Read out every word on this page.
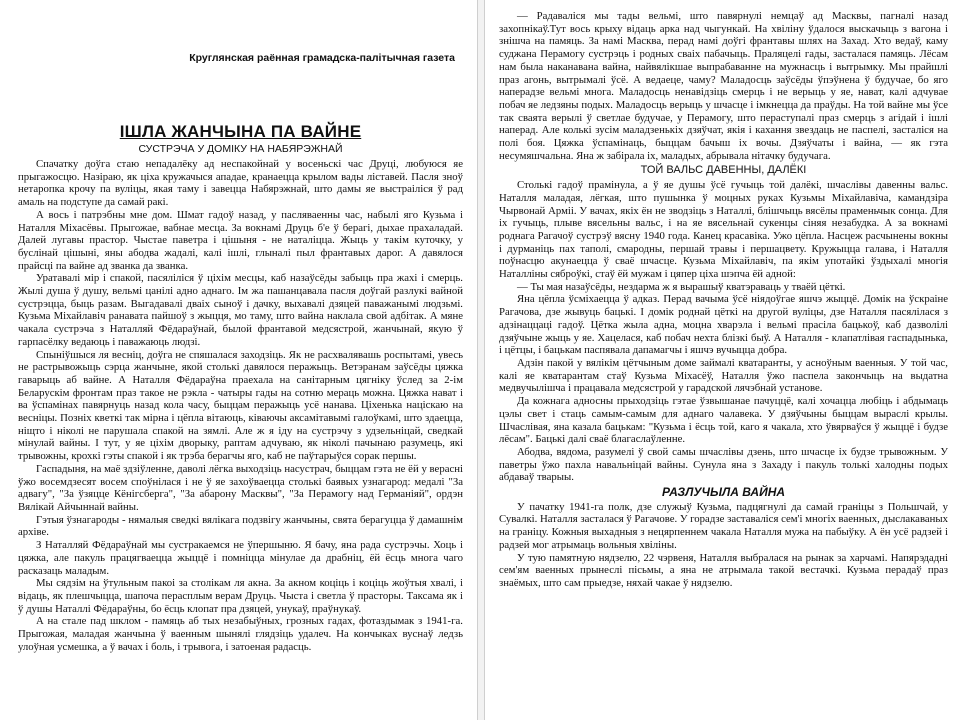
Круглянская раённая грамадска-палітычная газета
ІШЛА ЖАНЧЫНА ПА ВАЙНЕ
СУСТРЭЧА У ДОМІКУ НА НАБЯРЭЖНАЙ

Спачатку доўга стаю непадалёку ад неспакойнай у восеньскі час Друці, любуюся яе прыгажосцю. Назіраю, як ціха кружачыся ападае, кранаецца крылом вады ліставей. Пасля зноў нетаропка крочу па вуліцы, якая таму і завецца Набярэжнай, што дамы яе выстраіліся ў рад амаль на подступе да самай ракі.

А вось і патрэбны мне дом. Шмат гадоў назад, у пасляваенны час, набылі яго Кузьма і Наталля Міхасёвы. Прыгожае, вабнае месца. За вокнамі Друць б'е ў берагі, дыхае прахаладай. Далей лугавы прастор. Чыстае паветра і цішыня - не наталіцца. Жыць у такім куточку, у буслінай цішыні, яны абодва жадалі, калі ішлі, глыналі пыл франтавых дарог. А давялося прайсці па вайне ад званка да званка.

Уратавалі мір і спакой, пасяліліся ў ціхім месцы, каб назаўсёды забыць пра жахі і смерць. Жылі душа ў душу, вельмі цанілі адно аднаго. Ім жа пашанцавала пасля доўгай разлукі вайной сустрэцца, быць разам. Выгадавалі дваіх сыноў і дачку, выхавалі дзяцей паважанымі людзьмі. Кузьма Міхайлавіч ранавата пайшоў з жыцця, мо таму, што вайна наклала свой адбітак. А мяне чакала сустрэча з Наталляй Фёдараўнай, былой франтавой медсястрой, жанчынай, якую ў гарпасёлку ведаюць і паважаюць людзі.

Спыніўшыся ля весніц, доўга не спяшалася заходзіць. Як не расхвалявашь роспытамі, увесь не растрывожыць сэрца жанчыне, якой столькі давялося перажыць. Ветэранам заўсёды цяжка гаварыць аб вайне. А Наталля Фёдараўна праехала на санітарным цягніку ўслед за 2-ім Беларускім фронтам праз такое не рэкла - чатыры гады на сотню мераць можна. Цяжка нават і ва ўспамінах павярнуць назад кола часу, быццам перажыць усё нанава. Ціхенька націскаю на весніцы. Позніх кветкі так мірна і цёпла вітаюць, ківаючы аксамітавымі галоўкамі, што здаецца, ніщто і ніколі не парушала спакой на зямлі. Але ж я іду на сустрэчу з удзельніцай, сведкай мінулай вайны. І тут, у яе ціхім дворыку, раптам адчуваю, як ніколі пачынаю разумець, які трывожны, крохкі гэты спакой і як трэба берагчы яго, каб не паўтарыўся сорак першы.

Гаспадыня, на маё здзіўленне, даволі лёгка выходзіць насустрач, быццам гэта не ёй у верасні ўжо восемдзесят восем споўнілася і не ў яе захоўваецца столькі баявых узнагарод: медалі "За адвагу", "За ўзяцце Кёнігсберга", "За абарону Масквы", "За Перамогу над Германіяй", ордэн Вялікай Айчыннай вайны.

Гэтыя ўзнагароды - нямалыя сведкі вялікага подзвігу жанчыны, свята берагуцца ў дамашнім архіве.

З Наталляй Фёдараўнай мы сустракаемся не ўпершыню. Я бачу, яна рада сустрэчы. Хоць і цяжка, але пакуль працягваецца жыццё і помніцца мінулае да драбніц, ёй ёсць многа чаго расказаць маладым.

Мы сядзім на ўтульным пакоі за столікам ля акна. За акном коціць і коціць жоўтыя хвалі, і відаць, як плешчыцца, шапоча перасплым верам Друць. Чыста і светла ў прасторы. Таксама як і ў душы Наталлі Фёдараўны, бо ёсць клопат пра дзяцей, унукаў, праўнукаў.

А на стале пад шклом - памяць аб тых незабыўных, грозных гадах, фотаздымак з 1941-га. Прыгожая, маладая жанчына ў ваенным шынялі глядзіць удалеч. На кончыках вуснаў ледзь улоўная усмешка, а ў вачах і боль, і трывога, і затоеная радасць.

— Радаваліся мы тады вельмі, што павярнулі немцаў ад Масквы, пагналі назад захопнікаў.Тут вось крыху відаць арка над чыгункай. На хвіліну ўдалося выскачыць з вагона і знішча на памяць. За намі Масква, перад намі доўгі франтавы шлях на Захад. Хто ведаў, каму суджана Перамогу сустрэць і родных сваіх пабачыць. Праляцелі гады, засталася памяць. Лёсам нам была наканавана вайна, найвялікшае выпрабаванне на мужнасць і вытрымку. Мы прайшлі праз агонь, вытрымалі ўсё. А ведаеце, чаму? Маладосць заўсёды ўпэўнена ў будучае, бо яго наперадзе вельмі многа. Маладосць ненавідзіць смерць і не верыць у яе, нават, калі адчувае побач яе ледзяны подых. Маладосць верыць у шчасце і імкнецца да праўды. На той вайне мы ўсе так сваята верылі ў светлае будучае, у Перамогу, што пераступалі праз смерць з агідай і ішлі наперад. Але колькі зусім маладзенькіх дзяўчат, якія і кахання звездаць не паспелі, засталіся на полі боя. Цяжка ўспамінаць, быццам бачыш іх вочы. Дзяўчаты і вайна, — як гэта несумяшчальна. Яна ж забірала іх, маладых, абрывала нітачку будучага.

ТОЙ ВАЛЬС ДАВЕННЫ, ДАЛЁКІ

Столькі гадоў прамінула, а ў яе душы ўсё гучыць той далёкі, шчаслівы давенны вальс. Наталля маладая, лёгкая, што пушынка ў моцных руках Кузьмы Міхайлавіча, камандзіра Чырвонай Арміі. У вачах, якіх ён не зводзіць з Наталлі, блішчыць вясёлы праменьчык сонца. Для іх гучыць, плыве вясельны вальс, і на яе вясельнай сукенцы сіняя незабудка. А за вокнамі роднага Рагачоў сустрэў вясну 1940 года. Канец красавіка. Ужо цёпла. Насцеж расчынены вокны і дурманіць пах таполі, смародны, першай травы і першацвету. Кружыцца галава, і Наталля поўнасцю акунаецца ў сваё шчасце. Кузьма Міхайлавіч, па якім употайкі ўздыхалі многія Наталліны сяброўкі, стаў ёй мужам і цяпер ціха шэпча ёй адной:

— Ты мая назаўсёды, нездарма ж я вырашыў кватэраваць у тваёй цёткі.

Яна цёпла ўсміхаецца ў адказ. Перад вачыма ўсё ніядоўгае яшчэ жыццё. Домік на ўскраіне Рагачова, дзе жывуць бацькі. І домік роднай цёткі на другой вуліцы, дзе Наталля пасялілася з адзінаццаці гадоў. Цётка жыла адна, моцна хварэла і вельмі прасіла бацькоў, каб дазволілі дзяўчыне жыць у яе. Хацелася, каб побач нехта блізкі быў. А Наталля - клапатлівая гаспадынька, і цётцы, і бацькам паспявала дапамагчы і яшчэ вучыцца добра.

Адзін пакой у вялікім цётчыным доме займалі кватаранты, у асноўным ваенныя. У той час, калі яе кватарантам стаў Кузьма Міхасёў, Наталля ўжо паспела закончыць на выдатна медвучылішча і працавала медсястрой у гарадской лячэбнай установе.

Да кожнага адносны прыходзіць гэтае ўзвышанае пачуццё, калі хочацца любіць і абдымаць цэлы свет і стаць самым-самым для аднаго чалавека. У дзяўчыны быццам выраслі крылы. Шчаслівая, яна казала бацькам: "Кузьма і ёсць той, каго я чакала, хто ўвярваўся ў жыццё і будзе лёсам". Бацькі далі сваё благаслаўленне.

Абодва, вядома, разумелі ў свой самы шчаслівы дзень, што шчасце іх будзе трывожным. У паветры ўжо пахла навальніцай вайны. Сунула яна з Захаду і пакуль толькі халодны подых абдаваў тварыы.

РАЗЛУЧЫЛА ВАЙНА

У пачатку 1941-га полк, дзе служыў Кузьма, падцягнулі да самай граніцы з Польшчай, у Сувалкі. Наталля засталася ў Рагачове. У горадзе заставаліся сем'і многіх ваенных, дыслакаваных на граніцу. Кожныя выхадныя з нецярпеннем чакала Наталля мужа на пабыўку. А ён усё радзей і радзей мог атрымаць вольныя хвіліны.

У тую памятную нядзелю, 22 чэрвеня, Наталля выбралася на рынак за харчамі. Напярэдадні сем'ям ваенных прынеслі пісьмы, а яна не атрымала такой вестачкі. Кузьма перадаў праз знаёмых, што сам прыедзе, няхай чакае ў нядзелю.
